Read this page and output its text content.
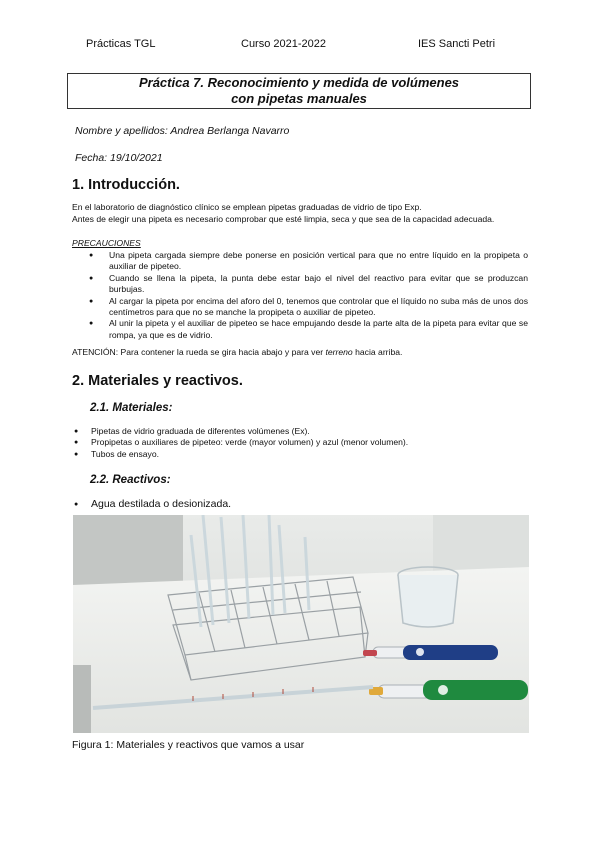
Prácticas TGL	Curso 2021-2022	IES Sancti Petri
Práctica 7. Reconocimiento y medida de volúmenes
con pipetas manuales
Nombre y apellidos: Andrea Berlanga Navarro
Fecha: 19/10/2021
1. Introducción.
En el laboratorio de diagnóstico clínico se emplean pipetas graduadas de vidrio de tipo Exp.
Antes de elegir una pipeta es necesario comprobar que esté limpia, seca y que sea de la capacidad adecuada.
PRECAUCIONES
● Una pipeta cargada siempre debe ponerse en posición vertical para que no entre líquido en la propipeta o auxiliar de pipeteo.
● Cuando se llena la pipeta, la punta debe estar bajo el nivel del reactivo para evitar que se produzcan burbujas.
● Al cargar la pipeta por encima del aforo del 0, tenemos que controlar que el líquido no suba más de unos dos centímetros para que no se manche la propipeta o auxiliar de pipeteo.
● Al unir la pipeta y el auxiliar de pipeteo se hace empujando desde la parte alta de la pipeta para evitar que se rompa, ya que es de vidrio.
ATENCIÓN: Para contener la rueda se gira hacia abajo y para ver terreno hacia arriba.
2. Materiales y reactivos.
2.1. Materiales:
● Pipetas de vidrio graduada de diferentes volúmenes (Ex).
● Propipetas o auxiliares de pipeteo: verde (mayor volumen) y azul (menor volumen).
● Tubos de ensayo.
2.2. Reactivos:
● Agua destilada o desionizada.
Figura 1: Materiales y reactivos que vamos a usar
